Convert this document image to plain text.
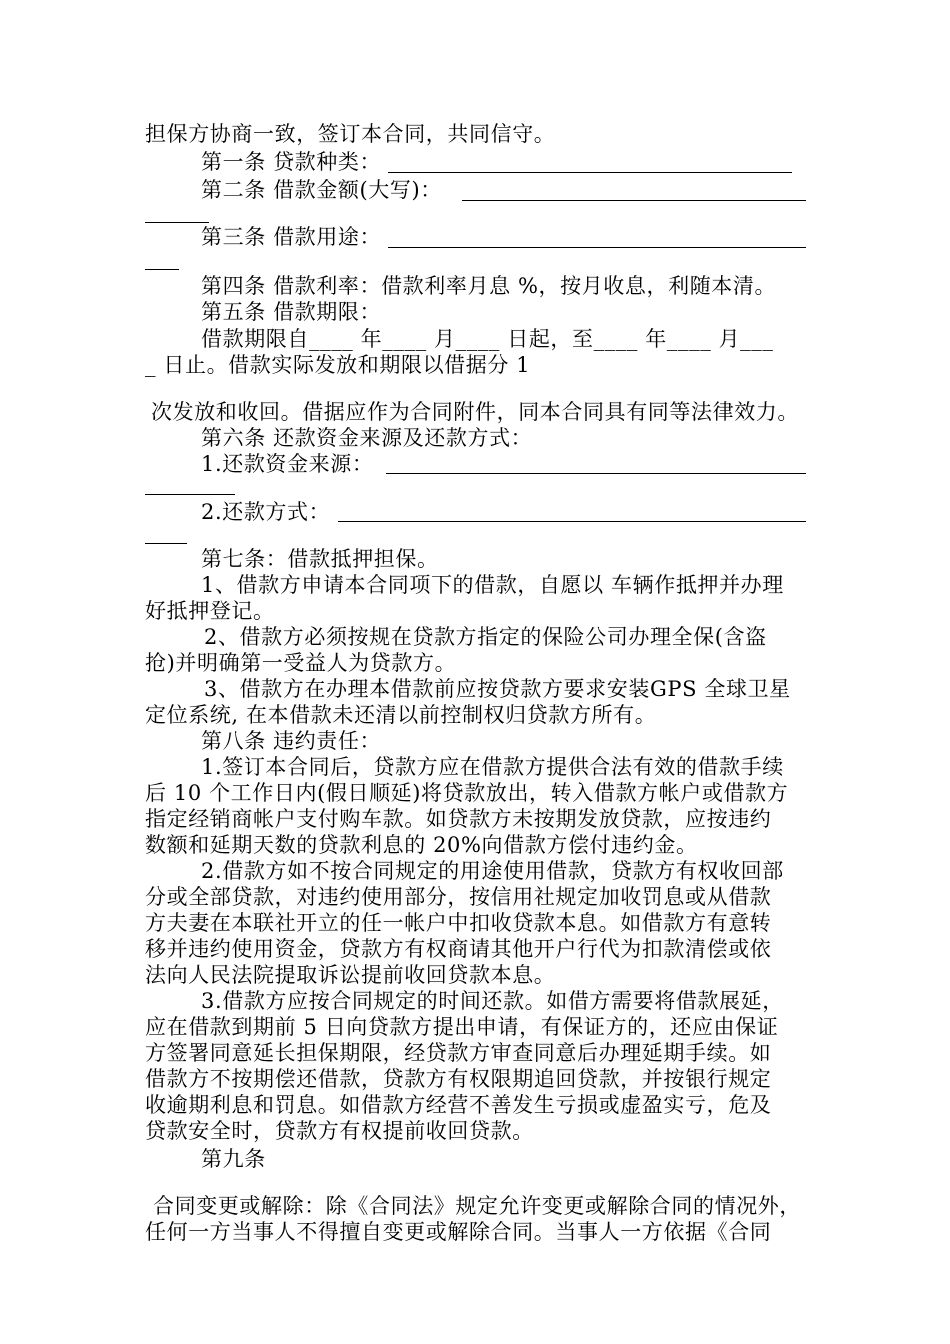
担保方协商一致，签订本合同，共同信守。
第一条 贷款种类：
第二条 借款金额(大写)：
第三条 借款用途：
第四条 借款利率：借款利率月息 %，按月收息，利随本清。
第五条 借款期限：
借款期限自____ 年____ 月____ 日起，至____ 年____ 月___
_ 日止。借款实际发放和期限以借据分 1
次发放和收回。借据应作为合同附件，同本合同具有同等法律效力。
第六条 还款资金来源及还款方式：
1.还款资金来源：
2.还款方式：
第七条：借款抵押担保。
1、借款方申请本合同项下的借款，自愿以 车辆作抵押并办理
好抵押登记。
2、借款方必须按规在贷款方指定的保险公司办理全保(含盗
抢)并明确第一受益人为贷款方。
3、借款方在办理本借款前应按贷款方要求安装GPS 全球卫星
定位系统, 在本借款未还清以前控制权归贷款方所有。
第八条 违约责任：
1.签订本合同后，贷款方应在借款方提供合法有效的借款手续
后 10 个工作日内(假日顺延)将贷款放出，转入借款方帐户或借款方
指定经销商帐户支付购车款。如贷款方未按期发放贷款，应按违约
数额和延期天数的贷款利息的 20%向借款方偿付违约金。
2.借款方如不按合同规定的用途使用借款，贷款方有权收回部
分或全部贷款，对违约使用部分，按信用社规定加收罚息或从借款
方夫妻在本联社开立的任一帐户中扣收贷款本息。如借款方有意转
移并违约使用资金，贷款方有权商请其他开户行代为扣款清偿或依
法向人民法院提取诉讼提前收回贷款本息。
3.借款方应按合同规定的时间还款。如借方需要将借款展延，
应在借款到期前 5 日向贷款方提出申请，有保证方的，还应由保证
方签署同意延长担保期限，经贷款方审查同意后办理延期手续。如
借款方不按期偿还借款，贷款方有权限期追回贷款，并按银行规定
收逾期利息和罚息。如借款方经营不善发生亏损或虚盈实亏，危及
贷款安全时，贷款方有权提前收回贷款。
第九条
合同变更或解除：除《合同法》规定允许变更或解除合同的情况外，
任何一方当事人不得擅自变更或解除合同。当事人一方依据《合同
